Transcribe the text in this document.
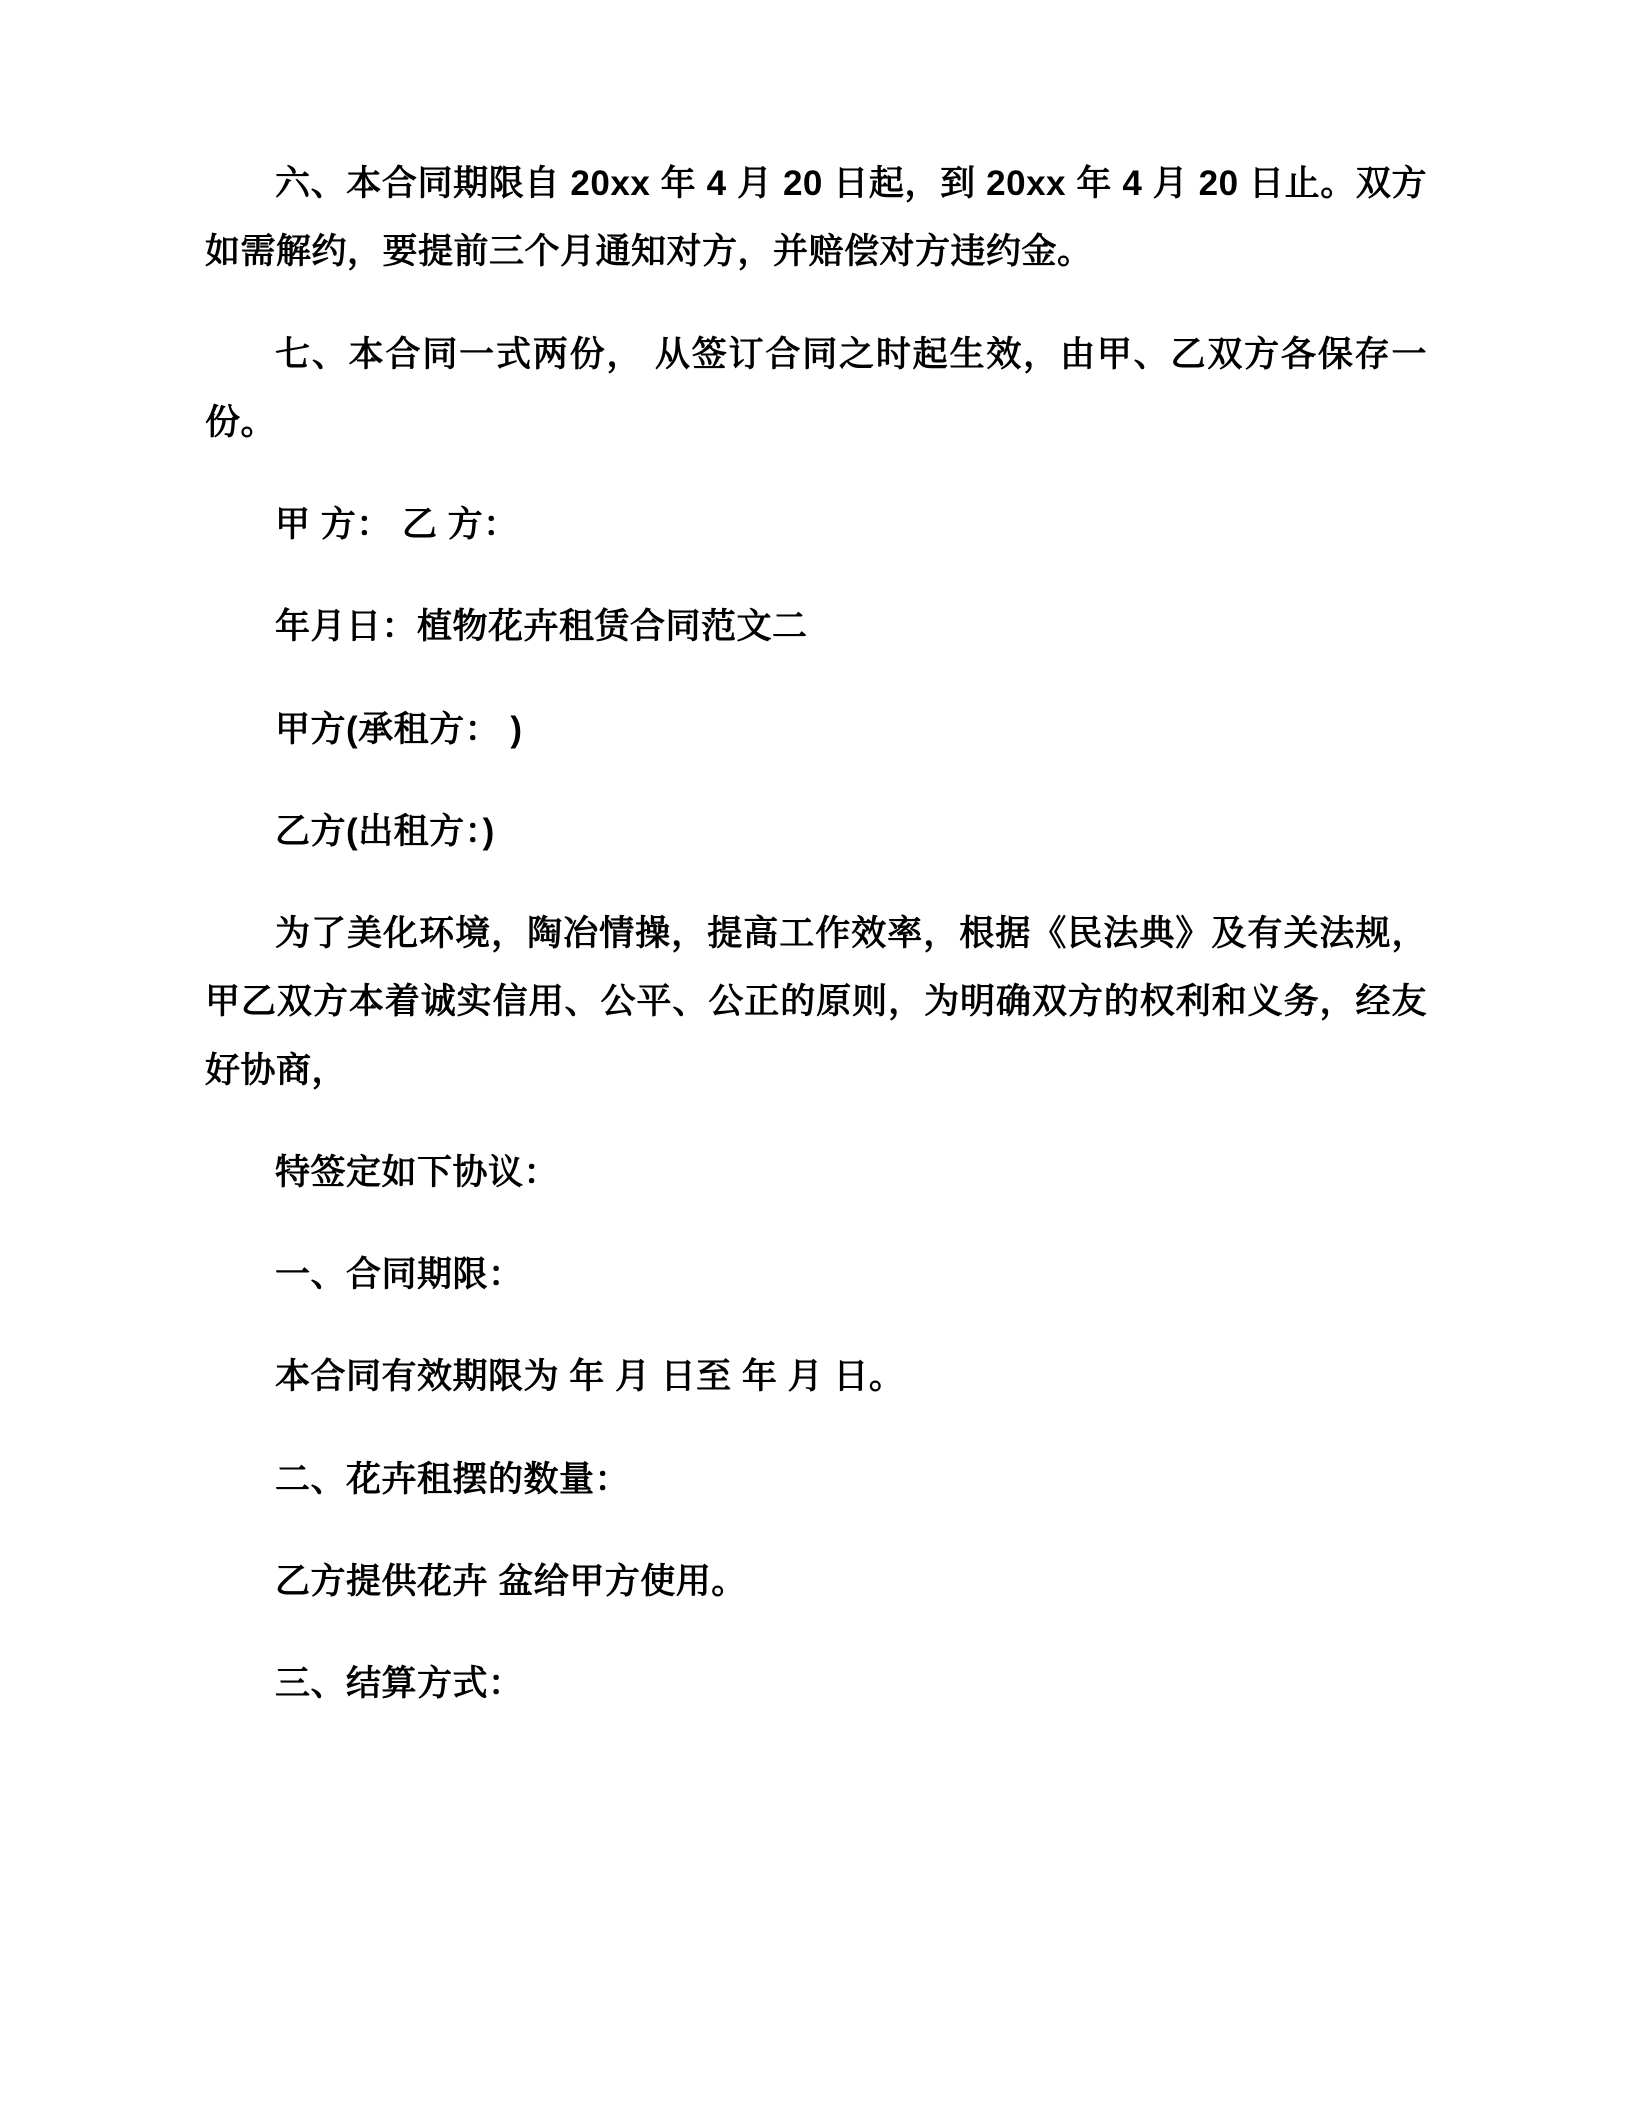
六、本合同期限自 20xx 年 4 月 20 日起，到 20xx 年 4 月 20 日止。双方如需解约，要提前三个月通知对方，并赔偿对方违约金。

七、本合同一式两份， 从签订合同之时起生效，由甲、乙双方各保存一份。

甲 方： 乙 方：

年月日：植物花卉租赁合同范文二

甲方(承租方： )

乙方(出租方：)

为了美化环境，陶冶情操，提高工作效率，根据《民法典》及有关法规，甲乙双方本着诚实信用、公平、公正的原则，为明确双方的权利和义务，经友好协商，

特签定如下协议：

一、合同期限：

本合同有效期限为 年 月 日至 年 月 日。

二、花卉租摆的数量：

乙方提供花卉 盆给甲方使用。

三、结算方式：
